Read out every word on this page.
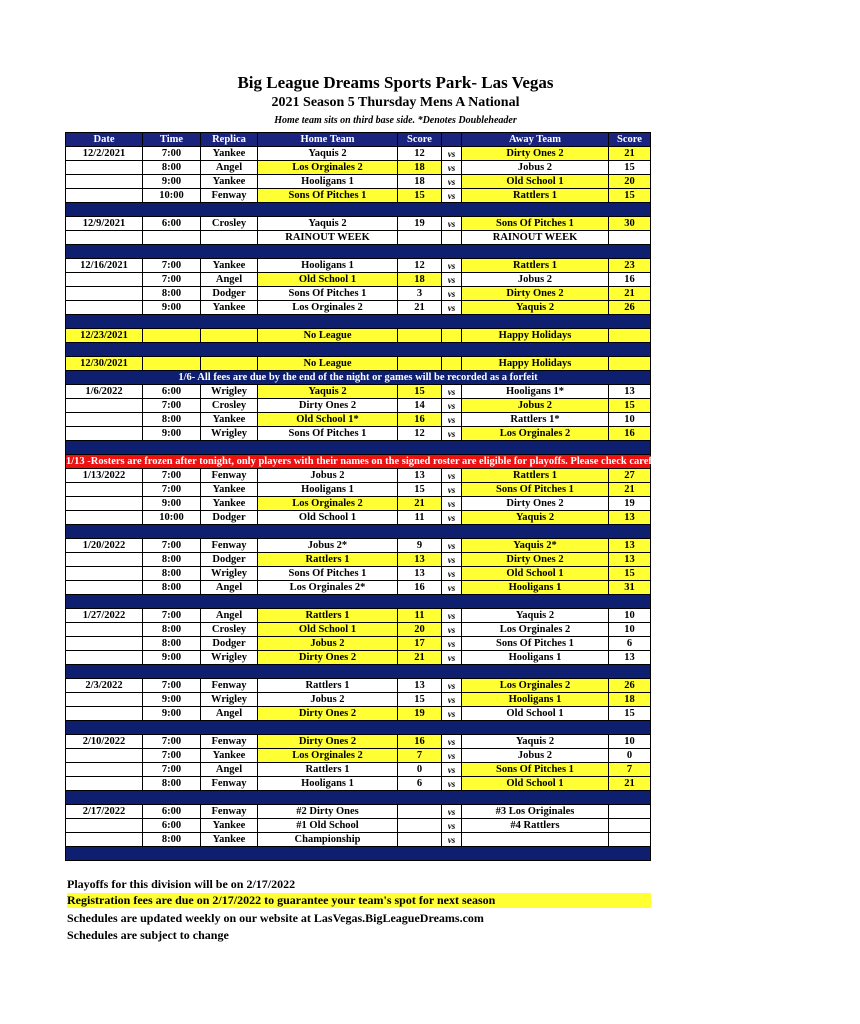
Big League Dreams Sports Park- Las Vegas
2021 Season 5 Thursday Mens A National
Home team sits on third base side. *Denotes Doubleheader
Date	Time	Replica	Home Team	Score		Away Team	Score
12/2/2021	7:00	Yankee	Yaquis 2	12	vs	Dirty Ones 2	21
	8:00	Angel	Los Orginales 2	18	vs	Jobus 2	15
	9:00	Yankee	Hooligans 1	18	vs	Old School 1	20
	10:00	Fenway	Sons Of Pitches 1	15	vs	Rattlers 1	15

12/9/2021	6:00	Crosley	Yaquis 2	19	vs	Sons Of Pitches 1	30
			RAINOUT WEEK			RAINOUT WEEK	

12/16/2021	7:00	Yankee	Hooligans 1	12	vs	Rattlers 1	23
	7:00	Angel	Old School 1	18	vs	Jobus 2	16
	8:00	Dodger	Sons Of Pitches 1	3	vs	Dirty Ones 2	21
	9:00	Yankee	Los Orginales 2	21	vs	Yaquis 2	26

12/23/2021			No League			Happy Holidays	

12/30/2021			No League			Happy Holidays	
1/6- All fees are due by the end of the night or games will be recorded as a forfeit							
1/6/2022	6:00	Wrigley	Yaquis 2	15	vs	Hooligans 1*	13
	7:00	Crosley	Dirty Ones 2	14	vs	Jobus 2	15
	8:00	Yankee	Old School 1*	16	vs	Rattlers 1*	10
	9:00	Wrigley	Sons Of Pitches 1	12	vs	Los Orginales 2	16

1/13 -Rosters are frozen after tonight, only players with their names on the signed roster are eligible for playoffs. Please check carefully as changes will not be made for omissions.							
1/13/2022	7:00	Fenway	Jobus 2	13	vs	Rattlers 1	27
	7:00	Yankee	Hooligans 1	15	vs	Sons Of Pitches 1	21
	9:00	Yankee	Los Orginales 2	21	vs	Dirty Ones 2	19
	10:00	Dodger	Old School 1	11	vs	Yaquis 2	13

1/20/2022	7:00	Fenway	Jobus 2*	9	vs	Yaquis 2*	13
	8:00	Dodger	Rattlers 1	13	vs	Dirty Ones 2	13
	8:00	Wrigley	Sons Of Pitches 1	13	vs	Old School 1	15
	8:00	Angel	Los Orginales 2*	16	vs	Hooligans 1	31

1/27/2022	7:00	Angel	Rattlers 1	11	vs	Yaquis 2	10
	8:00	Crosley	Old School 1	20	vs	Los Orginales 2	10
	8:00	Dodger	Jobus 2	17	vs	Sons Of Pitches 1	6
	9:00	Wrigley	Dirty Ones 2	21	vs	Hooligans 1	13

2/3/2022	7:00	Fenway	Rattlers 1	13	vs	Los Orginales 2	26
	9:00	Wrigley	Jobus 2	15	vs	Hooligans 1	18
	9:00	Angel	Dirty Ones 2	19	vs	Old School 1	15

2/10/2022	7:00	Fenway	Dirty Ones 2	16	vs	Yaquis 2	10
	7:00	Yankee	Los Orginales 2	7	vs	Jobus 2	0
	7:00	Angel	Rattlers 1	0	vs	Sons Of Pitches 1	7
	8:00	Fenway	Hooligans 1	6	vs	Old School 1	21

2/17/2022	6:00	Fenway	#2 Dirty Ones		vs	#3 Los Originales	
	6:00	Yankee	#1 Old School		vs	#4 Rattlers	
	8:00	Yankee	Championship		vs		

Playoffs for this division will be on 2/17/2022
Registration fees are due on 2/17/2022 to guarantee your team's spot for next season
Schedules are updated weekly on our website at LasVegas.BigLeagueDreams.com
Schedules are subject to change
